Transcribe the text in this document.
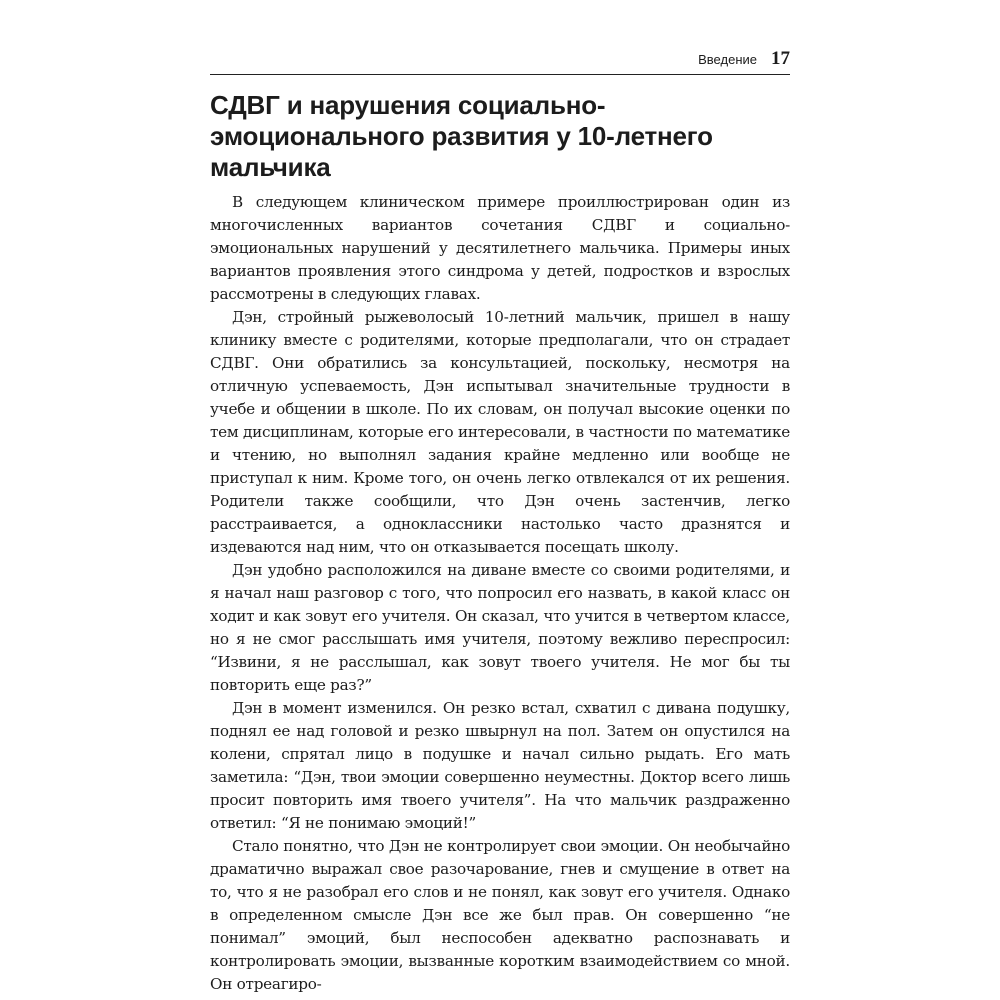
Введение 17
СДВГ и нарушения социально-эмоционального развития у 10-летнего мальчика

В следующем клиническом примере проиллюстрирован один из многочисленных вариантов сочетания СДВГ и социально-эмоциональных нарушений у десятилетнего мальчика. Примеры иных вариантов проявления этого синдрома у детей, подростков и взрослых рассмотрены в следующих главах.

Дэн, стройный рыжеволосый 10-летний мальчик, пришел в нашу клинику вместе с родителями, которые предполагали, что он страдает СДВГ. Они обратились за консультацией, поскольку, несмотря на отличную успеваемость, Дэн испытывал значительные трудности в учебе и общении в школе. По их словам, он получал высокие оценки по тем дисциплинам, которые его интересовали, в частности по математике и чтению, но выполнял задания крайне медленно или вообще не приступал к ним. Кроме того, он очень легко отвлекался от их решения. Родители также сообщили, что Дэн очень застенчив, легко расстраивается, а одноклассники настолько часто дразнятся и издеваются над ним, что он отказывается посещать школу.

Дэн удобно расположился на диване вместе со своими родителями, и я начал наш разговор с того, что попросил его назвать, в какой класс он ходит и как зовут его учителя. Он сказал, что учится в четвертом классе, но я не смог расслышать имя учителя, поэтому вежливо переспросил: “Извини, я не расслышал, как зовут твоего учителя. Не мог бы ты повторить еще раз?”

Дэн в момент изменился. Он резко встал, схватил с дивана подушку, поднял ее над головой и резко швырнул на пол. Затем он опустился на колени, спрятал лицо в подушке и начал сильно рыдать. Его мать заметила: “Дэн, твои эмоции совершенно неуместны. Доктор всего лишь просит повторить имя твоего учителя”. На что мальчик раздраженно ответил: “Я не понимаю эмоций!”

Стало понятно, что Дэн не контролирует свои эмоции. Он необычайно драматично выражал свое разочарование, гнев и смущение в ответ на то, что я не разобрал его слов и не понял, как зовут его учителя. Однако в определенном смысле Дэн все же был прав. Он совершенно “не понимал” эмоций, был неспособен адекватно распознавать и контролировать эмоции, вызванные коротким взаимодействием со мной. Он отреагиро-
